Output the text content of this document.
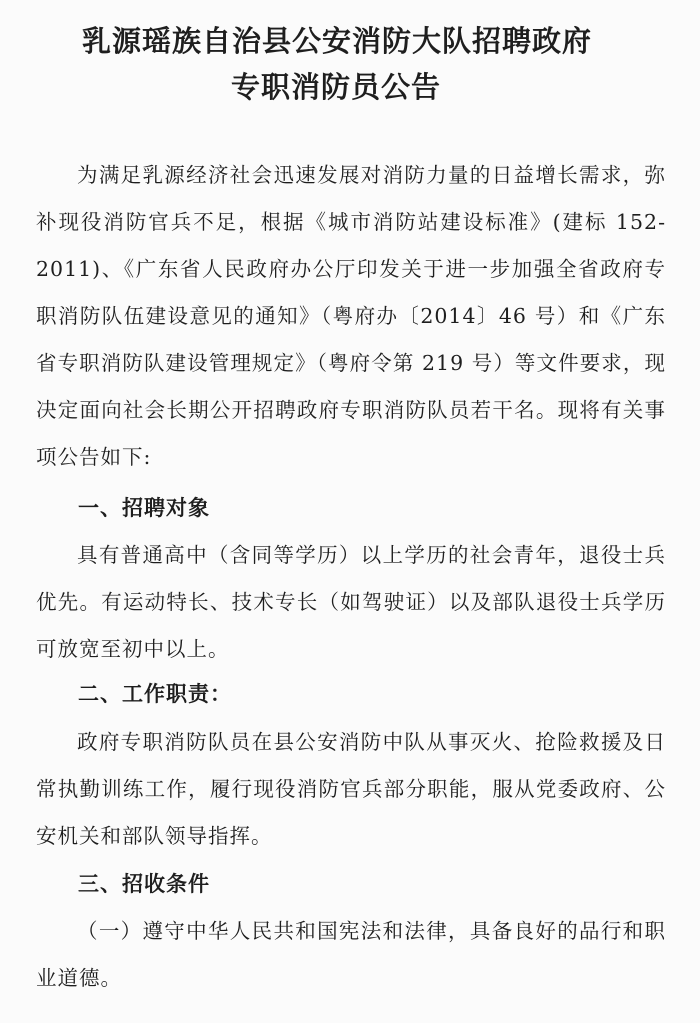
乳源瑶族自治县公安消防大队招聘政府
专职消防员公告

为满足乳源经济社会迅速发展对消防力量的日益增长需求，弥补现役消防官兵不足，根据《城市消防站建设标准》(建标 152-2011)、《广东省人民政府办公厅印发关于进一步加强全省政府专职消防队伍建设意见的通知》（粤府办〔2014〕46 号）和《广东省专职消防队建设管理规定》（粤府令第 219 号）等文件要求，现决定面向社会长期公开招聘政府专职消防队员若干名。现将有关事项公告如下:

一、招聘对象

具有普通高中（含同等学历）以上学历的社会青年，退役士兵优先。有运动特长、技术专长（如驾驶证）以及部队退役士兵学历可放宽至初中以上。

二、工作职责：

政府专职消防队员在县公安消防中队从事灭火、抢险救援及日常执勤训练工作，履行现役消防官兵部分职能，服从党委政府、公安机关和部队领导指挥。

三、招收条件

（一）遵守中华人民共和国宪法和法律，具备良好的品行和职业道德。
